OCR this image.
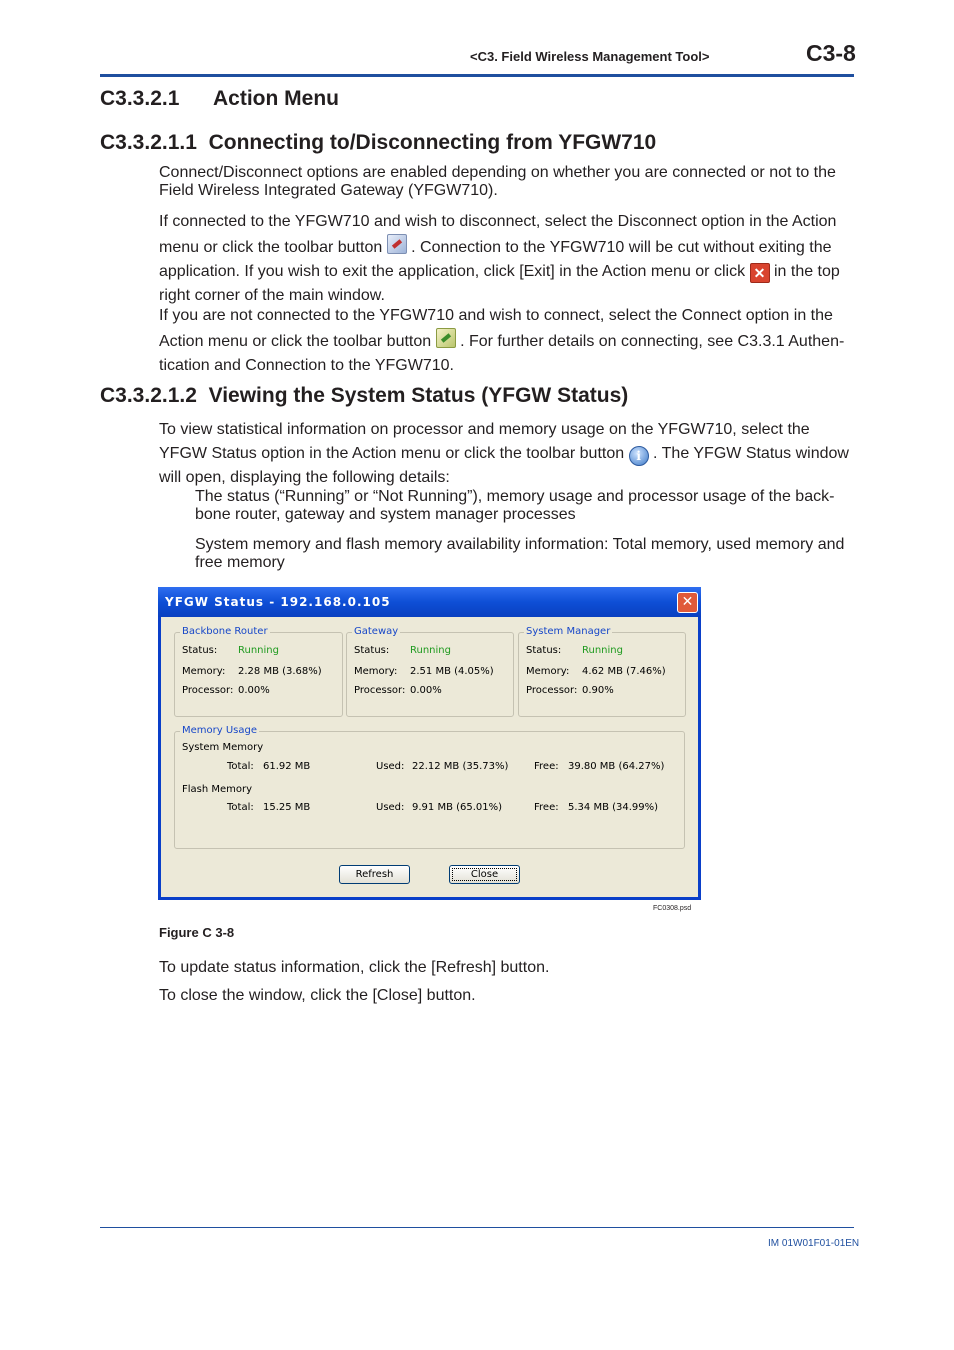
<C3. Field Wireless Management Tool>	C3-8
C3.3.2.1 Action Menu
C3.3.2.1.1 Connecting to/Disconnecting from YFGW710
Connect/Disconnect options are enabled depending on whether you are connected or not to the Field Wireless Integrated Gateway (YFGW710).
If connected to the YFGW710 and wish to disconnect, select the Disconnect option in the Action menu or click the toolbar button . Connection to the YFGW710 will be cut without exiting the application. If you wish to exit the application, click [Exit] in the Action menu or click ✕ in the top right corner of the main window.
If you are not connected to the YFGW710 and wish to connect, select the Connect option in the Action menu or click the toolbar button . For further details on connecting, see C3.3.1 Authen-tication and Connection to the YFGW710.
C3.3.2.1.2 Viewing the System Status (YFGW Status)
To view statistical information on processor and memory usage on the YFGW710, select the YFGW Status option in the Action menu or click the toolbar button i . The YFGW Status window will open, displaying the following details:
The status (“Running” or “Not Running”), memory usage and processor usage of the back-bone router, gateway and system manager processes
System memory and flash memory availability information: Total memory, used memory and free memory
YFGW Status - 192.168.0.105	✕
Backbone Router
Status: Running
Memory: 2.28 MB (3.68%)
Processor: 0.00%
Gateway
Status: Running
Memory: 2.51 MB (4.05%)
Processor: 0.00%
System Manager
Status: Running
Memory: 4.62 MB (7.46%)
Processor: 0.90%
Memory Usage
System Memory
Total: 61.92 MB	Used: 22.12 MB (35.73%)	Free: 39.80 MB (64.27%)
Flash Memory
Total: 15.25 MB	Used: 9.91 MB (65.01%)	Free: 5.34 MB (34.99%)
Refresh	Close
FC0308.psd
Figure C 3-8
To update status information, click the [Refresh] button.
To close the window, click the [Close] button.
IM 01W01F01-01EN
